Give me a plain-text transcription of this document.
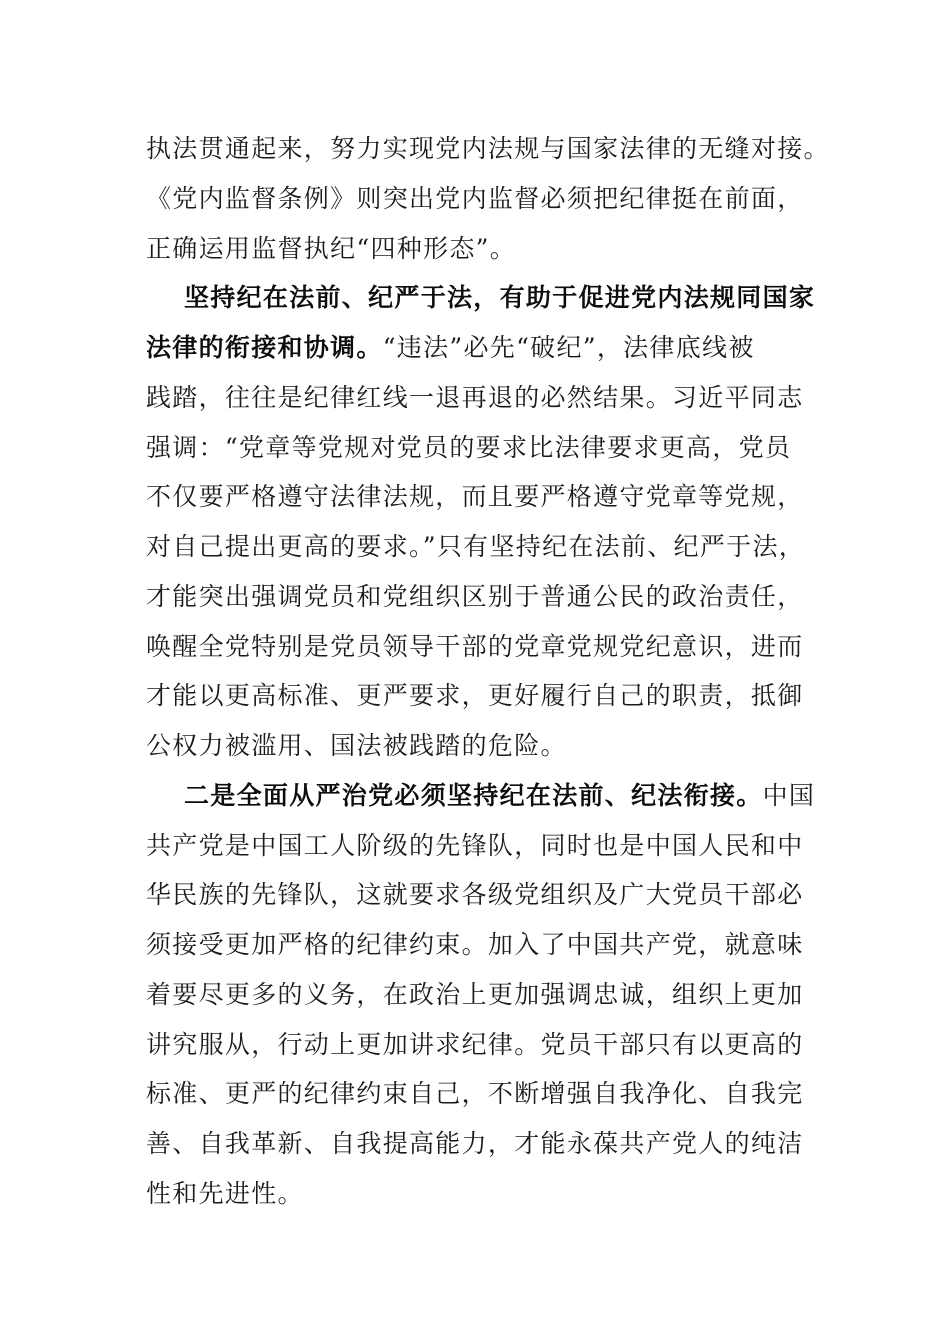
执法贯通起来，努力实现党内法规与国家法律的无缝对接。
《党内监督条例》则突出党内监督必须把纪律挺在前面，
正确运用监督执纪“四种形态”。
坚持纪在法前、纪严于法，有助于促进党内法规同国家
法律的衔接和协调。“违法”必先“破纪”，法律底线被
践踏，往往是纪律红线一退再退的必然结果。习近平同志
强调：“党章等党规对党员的要求比法律要求更高，党员
不仅要严格遵守法律法规，而且要严格遵守党章等党规，
对自己提出更高的要求。”只有坚持纪在法前、纪严于法，
才能突出强调党员和党组织区别于普通公民的政治责任，
唤醒全党特别是党员领导干部的党章党规党纪意识，进而
才能以更高标准、更严要求，更好履行自己的职责，抵御
公权力被滥用、国法被践踏的危险。
二是全面从严治党必须坚持纪在法前、纪法衔接。中国
共产党是中国工人阶级的先锋队，同时也是中国人民和中
华民族的先锋队，这就要求各级党组织及广大党员干部必
须接受更加严格的纪律约束。加入了中国共产党，就意味
着要尽更多的义务，在政治上更加强调忠诚，组织上更加
讲究服从，行动上更加讲求纪律。党员干部只有以更高的
标准、更严的纪律约束自己，不断增强自我净化、自我完
善、自我革新、自我提高能力，才能永葆共产党人的纯洁
性和先进性。
